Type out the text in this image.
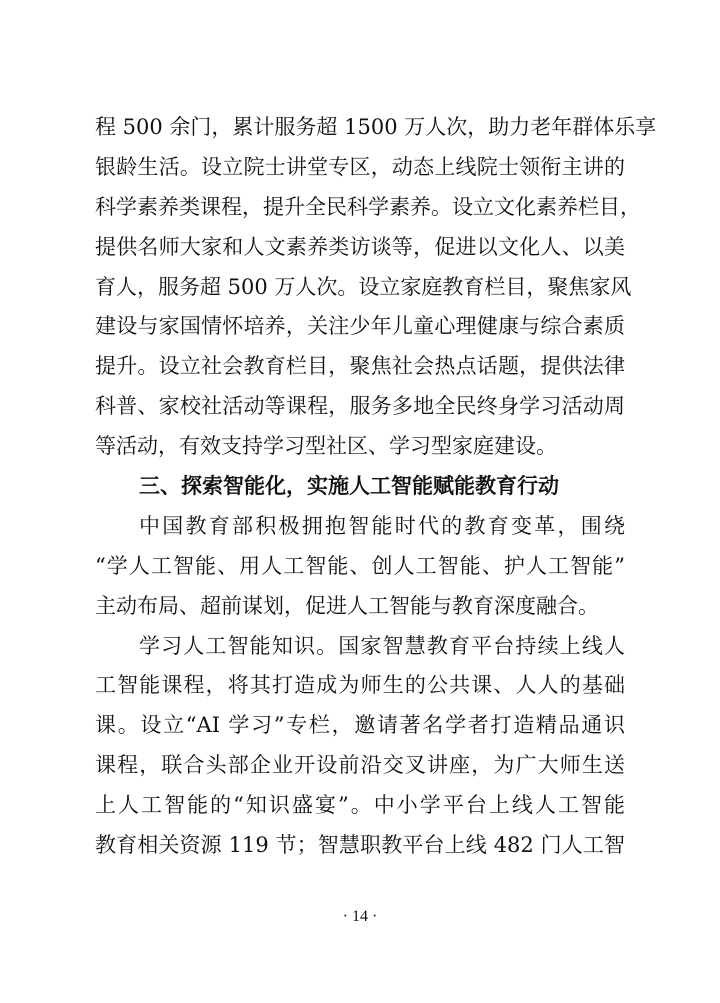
程 500 余门，累计服务超 1500 万人次，助力老年群体乐享
银龄生活。设立院士讲堂专区，动态上线院士领衔主讲的
科学素养类课程，提升全民科学素养。设立文化素养栏目，
提供名师大家和人文素养类访谈等，促进以文化人、以美
育人，服务超 500 万人次。设立家庭教育栏目，聚焦家风
建设与家国情怀培养，关注少年儿童心理健康与综合素质
提升。设立社会教育栏目，聚焦社会热点话题，提供法律
科普、家校社活动等课程，服务多地全民终身学习活动周
等活动，有效支持学习型社区、学习型家庭建设。
三、探索智能化，实施人工智能赋能教育行动
中国教育部积极拥抱智能时代的教育变革，围绕
“学人工智能、用人工智能、创人工智能、护人工智能”
主动布局、超前谋划，促进人工智能与教育深度融合。
学习人工智能知识。国家智慧教育平台持续上线人
工智能课程，将其打造成为师生的公共课、人人的基础
课。设立“AI 学习”专栏，邀请著名学者打造精品通识
课程，联合头部企业开设前沿交叉讲座，为广大师生送
上人工智能的“知识盛宴”。中小学平台上线人工智能
教育相关资源 119 节；智慧职教平台上线 482 门人工智
· 14 ·
